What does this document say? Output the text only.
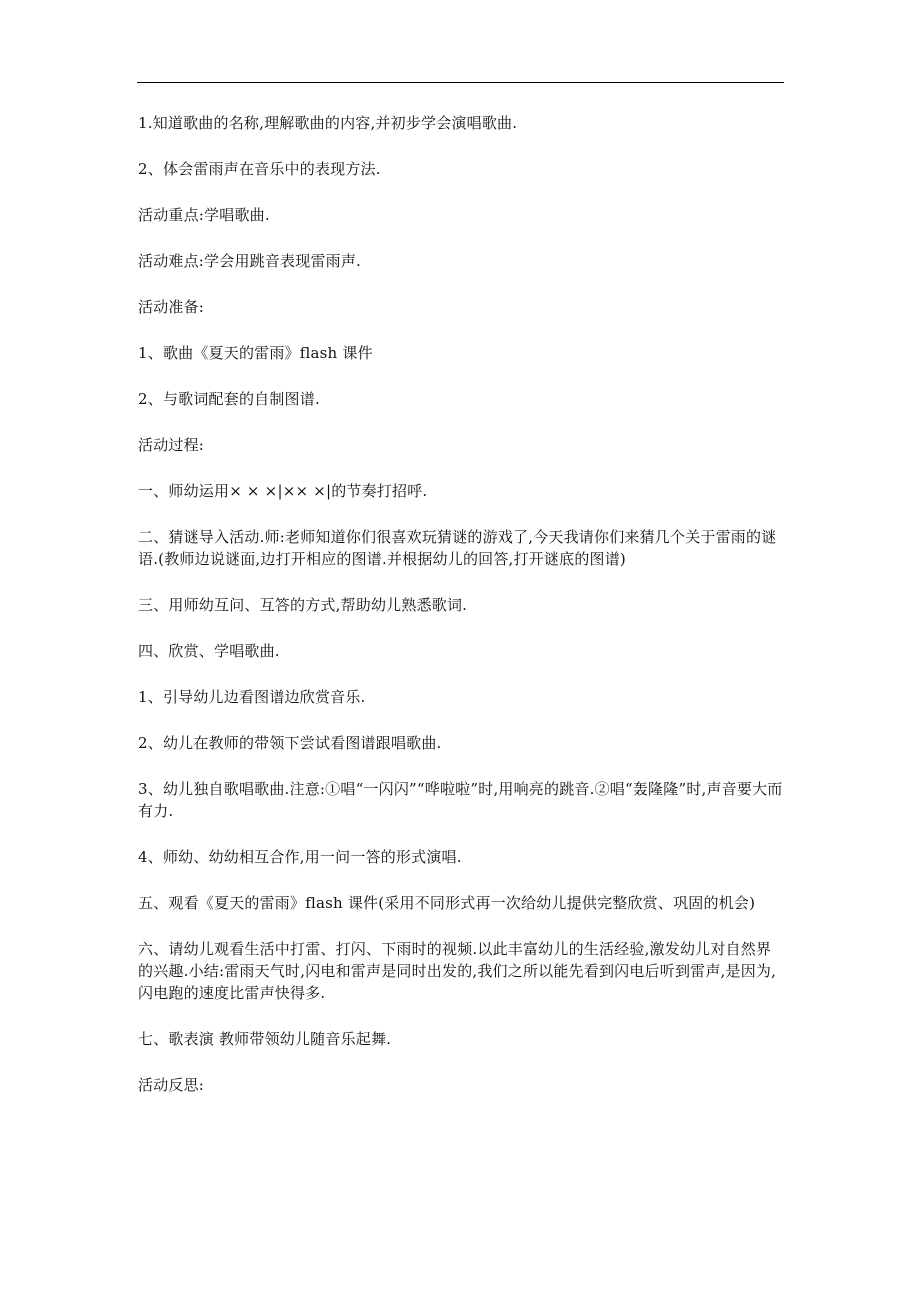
1.知道歌曲的名称,理解歌曲的内容,并初步学会演唱歌曲.

2、体会雷雨声在音乐中的表现方法.

活动重点:学唱歌曲.

活动难点:学会用跳音表现雷雨声.

活动准备:

1、歌曲《夏天的雷雨》flash 课件

2、与歌词配套的自制图谱.

活动过程:

一、师幼运用× × ×|×× ×|的节奏打招呼.

二、猜谜导入活动.师:老师知道你们很喜欢玩猜谜的游戏了,今天我请你们来猜几个关于雷雨的谜语.(教师边说谜面,边打开相应的图谱.并根据幼儿的回答,打开谜底的图谱)

三、用师幼互问、互答的方式,帮助幼儿熟悉歌词.

四、欣赏、学唱歌曲.

1、引导幼儿边看图谱边欣赏音乐.

2、幼儿在教师的带领下尝试看图谱跟唱歌曲.

3、幼儿独自歌唱歌曲.注意:①唱“一闪闪”“哗啦啦”时,用响亮的跳音.②唱“轰隆隆”时,声音要大而有力.

4、师幼、幼幼相互合作,用一问一答的形式演唱.

五、观看《夏天的雷雨》flash 课件(采用不同形式再一次给幼儿提供完整欣赏、巩固的机会)

六、请幼儿观看生活中打雷、打闪、下雨时的视频.以此丰富幼儿的生活经验,激发幼儿对自然界的兴趣.小结:雷雨天气时,闪电和雷声是同时出发的,我们之所以能先看到闪电后听到雷声,是因为,闪电跑的速度比雷声快得多.

七、歌表演 教师带领幼儿随音乐起舞.

活动反思:
